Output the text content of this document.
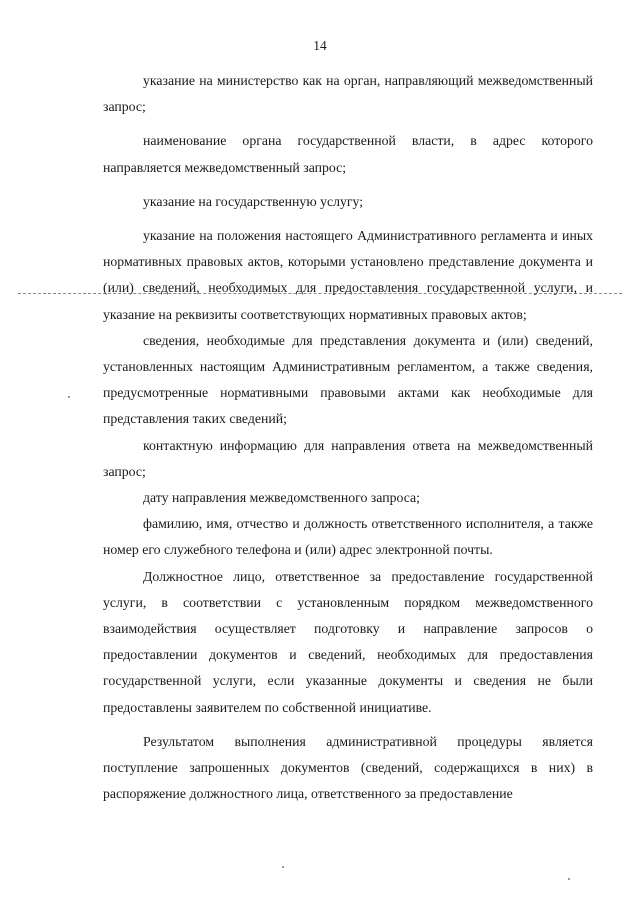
14

указание на министерство как на орган, направляющий межведомственный запрос;

наименование органа государственной власти, в адрес которого направляется межведомственный запрос;

указание на государственную услугу;

указание на положения настоящего Административного регламента и иных нормативных правовых актов, которыми установлено представление документа и (или) сведений, необходимых для предоставления государственной услуги, и указание на реквизиты соответствующих нормативных правовых актов;

сведения, необходимые для представления документа и (или) сведений, установленных настоящим Административным регламентом, а также сведения, предусмотренные нормативными правовыми актами как необходимые для представления таких сведений;

контактную информацию для направления ответа на межведомственный запрос;

дату направления межведомственного запроса;

фамилию, имя, отчество и должность ответственного исполнителя, а также номер его служебного телефона и (или) адрес электронной почты.

Должностное лицо, ответственное за предоставление государственной услуги, в соответствии с установленным порядком межведомственного взаимодействия осуществляет подготовку и направление запросов о предоставлении документов и сведений, необходимых для предоставления государственной услуги, если указанные документы и сведения не были предоставлены заявителем по собственной инициативе.

Результатом выполнения административной процедуры является поступление запрошенных документов (сведений, содержащихся в них) в распоряжение должностного лица, ответственного за предоставление
